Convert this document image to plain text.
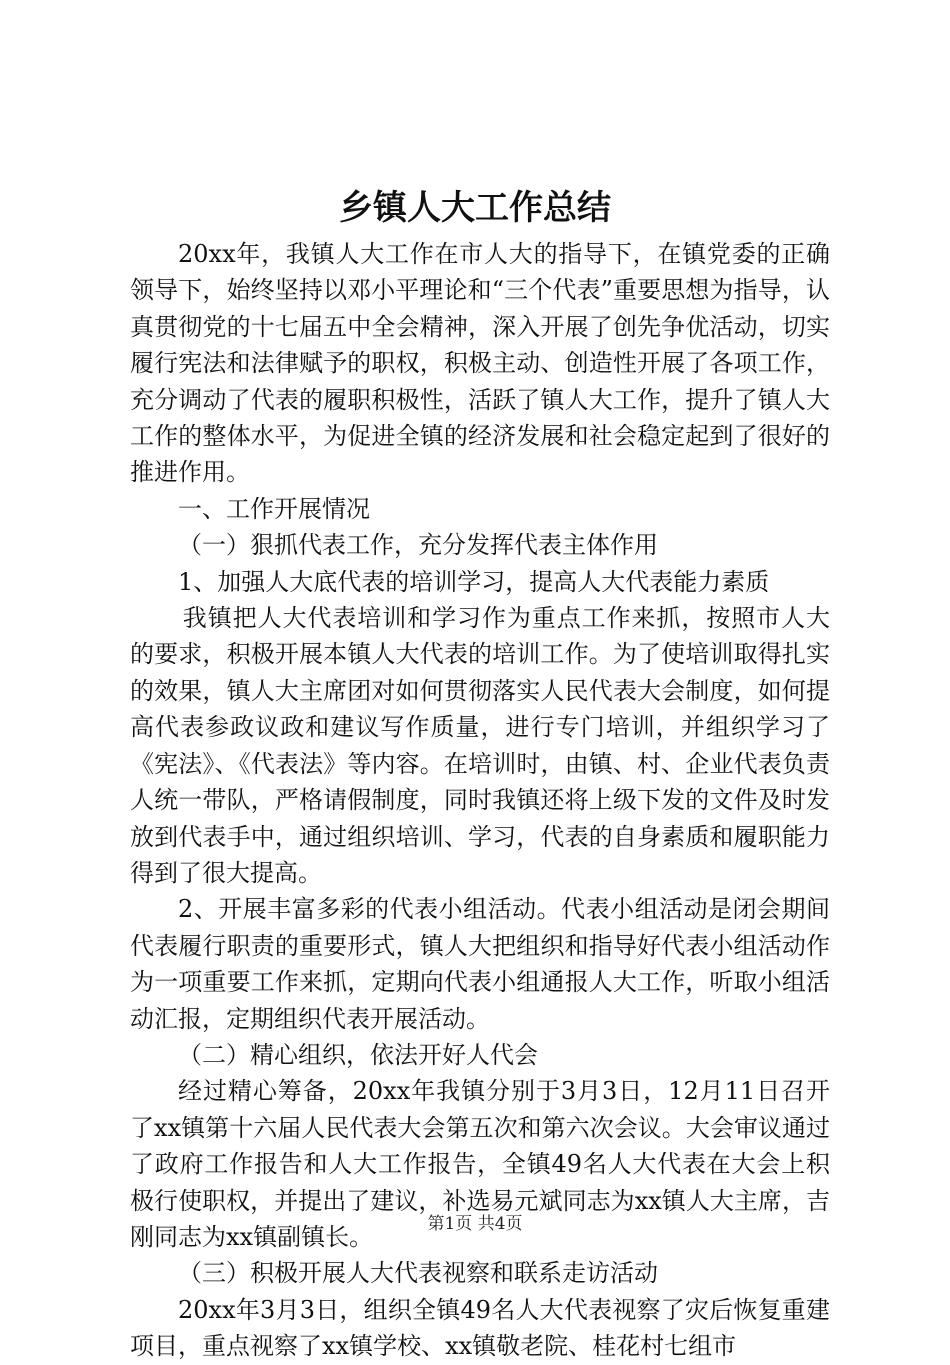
乡镇人大工作总结

20xx年，我镇人大工作在市人大的指导下，在镇党委的正确领导下，始终坚持以邓小平理论和“三个代表”重要思想为指导，认真贯彻党的十七届五中全会精神，深入开展了创先争优活动，切实履行宪法和法律赋予的职权，积极主动、创造性开展了各项工作，充分调动了代表的履职积极性，活跃了镇人大工作，提升了镇人大工作的整体水平，为促进全镇的经济发展和社会稳定起到了很好的推进作用。

一、工作开展情况

（一）狠抓代表工作，充分发挥代表主体作用

1、加强人大底代表的培训学习，提高人大代表能力素质

我镇把人大代表培训和学习作为重点工作来抓，按照市人大的要求，积极开展本镇人大代表的培训工作。为了使培训取得扎实的效果，镇人大主席团对如何贯彻落实人民代表大会制度，如何提高代表参政议政和建议写作质量，进行专门培训，并组织学习了《宪法》、《代表法》等内容。在培训时，由镇、村、企业代表负责人统一带队，严格请假制度，同时我镇还将上级下发的文件及时发放到代表手中，通过组织培训、学习，代表的自身素质和履职能力得到了很大提高。

2、开展丰富多彩的代表小组活动。代表小组活动是闭会期间代表履行职责的重要形式，镇人大把组织和指导好代表小组活动作为一项重要工作来抓，定期向代表小组通报人大工作，听取小组活动汇报，定期组织代表开展活动。

（二）精心组织，依法开好人代会

经过精心筹备，20xx年我镇分别于3月3日，12月11日召开了xx镇第十六届人民代表大会第五次和第六次会议。大会审议通过了政府工作报告和人大工作报告，全镇49名人大代表在大会上积极行使职权，并提出了建议，补选易元斌同志为xx镇人大主席，吉刚同志为xx镇副镇长。

（三）积极开展人大代表视察和联系走访活动

20xx年3月3日，组织全镇49名人大代表视察了灾后恢复重建项目，重点视察了xx镇学校、xx镇敬老院、桂花村七组市

第1页 共4页
